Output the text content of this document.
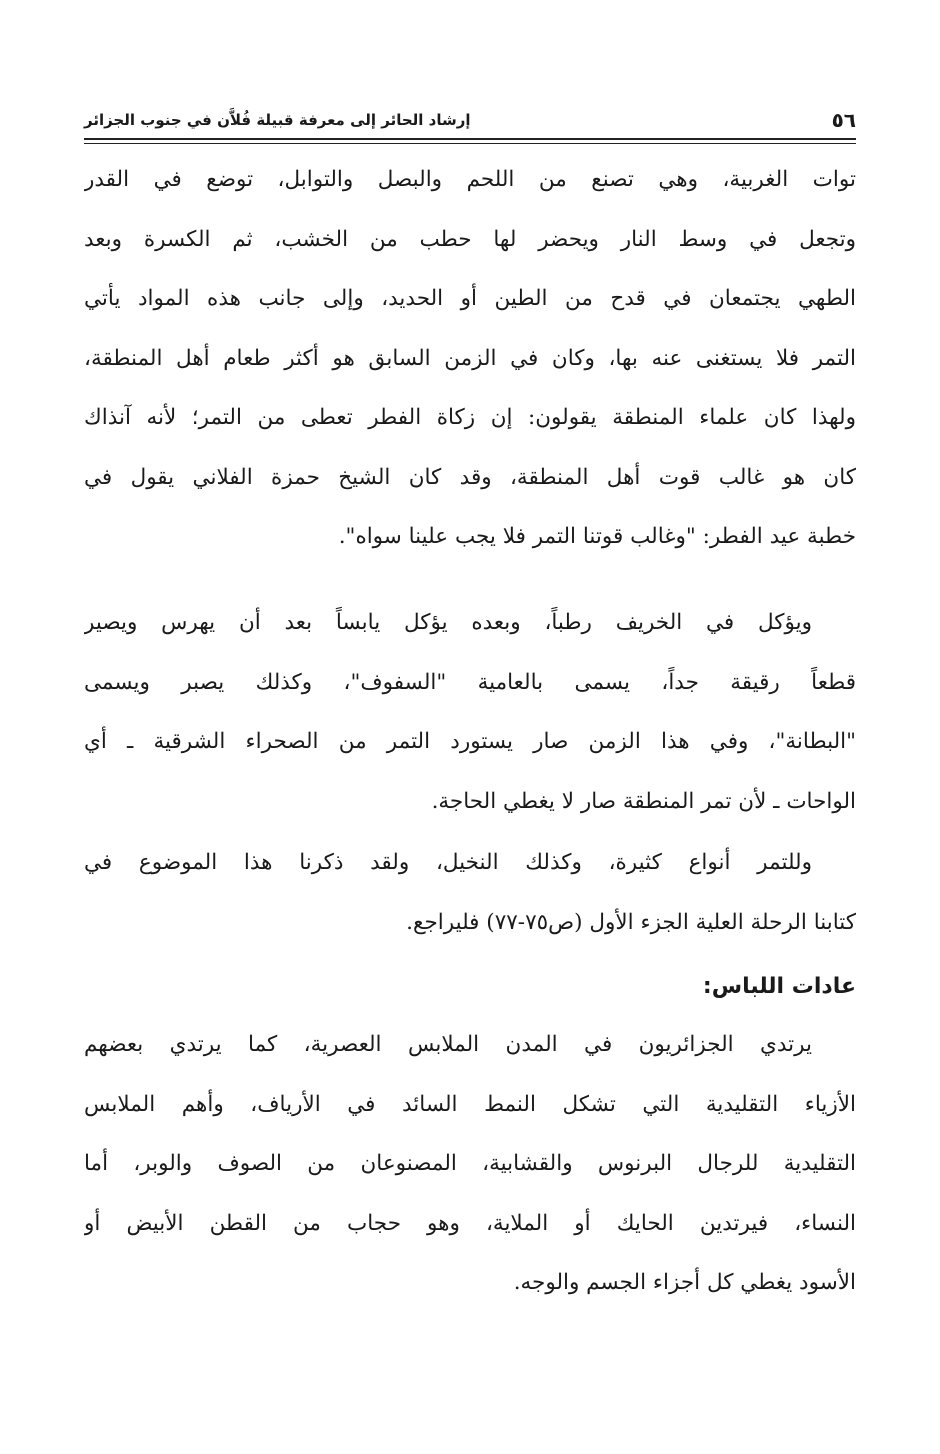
٥٦
إرشاد الحائر إلى معرفة قبيلة فُلاَّن في جنوب الجزائر
توات الغربية، وهي تصنع من اللحم والبصل والتوابل، توضع في القدر
وتجعل في وسط النار ويحضر لها حطب من الخشب، ثم الكسرة وبعد
الطهي يجتمعان في قدح من الطين أو الحديد، وإلى جانب هذه المواد يأتي
التمر فلا يستغنى عنه بها، وكان في الزمن السابق هو أكثر طعام أهل المنطقة،
ولهذا كان علماء المنطقة يقولون: إن زكاة الفطر تعطى من التمر؛ لأنه آنذاك
كان هو غالب قوت أهل المنطقة، وقد كان الشيخ حمزة الفلاني يقول في
خطبة عيد الفطر: "وغالب قوتنا التمر فلا يجب علينا سواه".
ويؤكل في الخريف رطباً، وبعده يؤكل يابساً بعد أن يهرس ويصير
قطعاً رقيقة جداً، يسمى بالعامية "السفوف"، وكذلك يصبر ويسمى
"البطانة"، وفي هذا الزمن صار يستورد التمر من الصحراء الشرقية ـ أي
الواحات ـ لأن تمر المنطقة صار لا يغطي الحاجة.
وللتمر أنواع كثيرة، وكذلك النخيل، ولقد ذكرنا هذا الموضوع في
كتابنا الرحلة العلية الجزء الأول (ص٧٥-٧٧) فليراجع.
عادات اللباس:
يرتدي الجزائريون في المدن الملابس العصرية، كما يرتدي بعضهم
الأزياء التقليدية التي تشكل النمط السائد في الأرياف، وأهم الملابس
التقليدية للرجال البرنوس والقشابية، المصنوعان من الصوف والوبر، أما
النساء، فيرتدين الحايك أو الملاية، وهو حجاب من القطن الأبيض أو
الأسود يغطي كل أجزاء الجسم والوجه.
